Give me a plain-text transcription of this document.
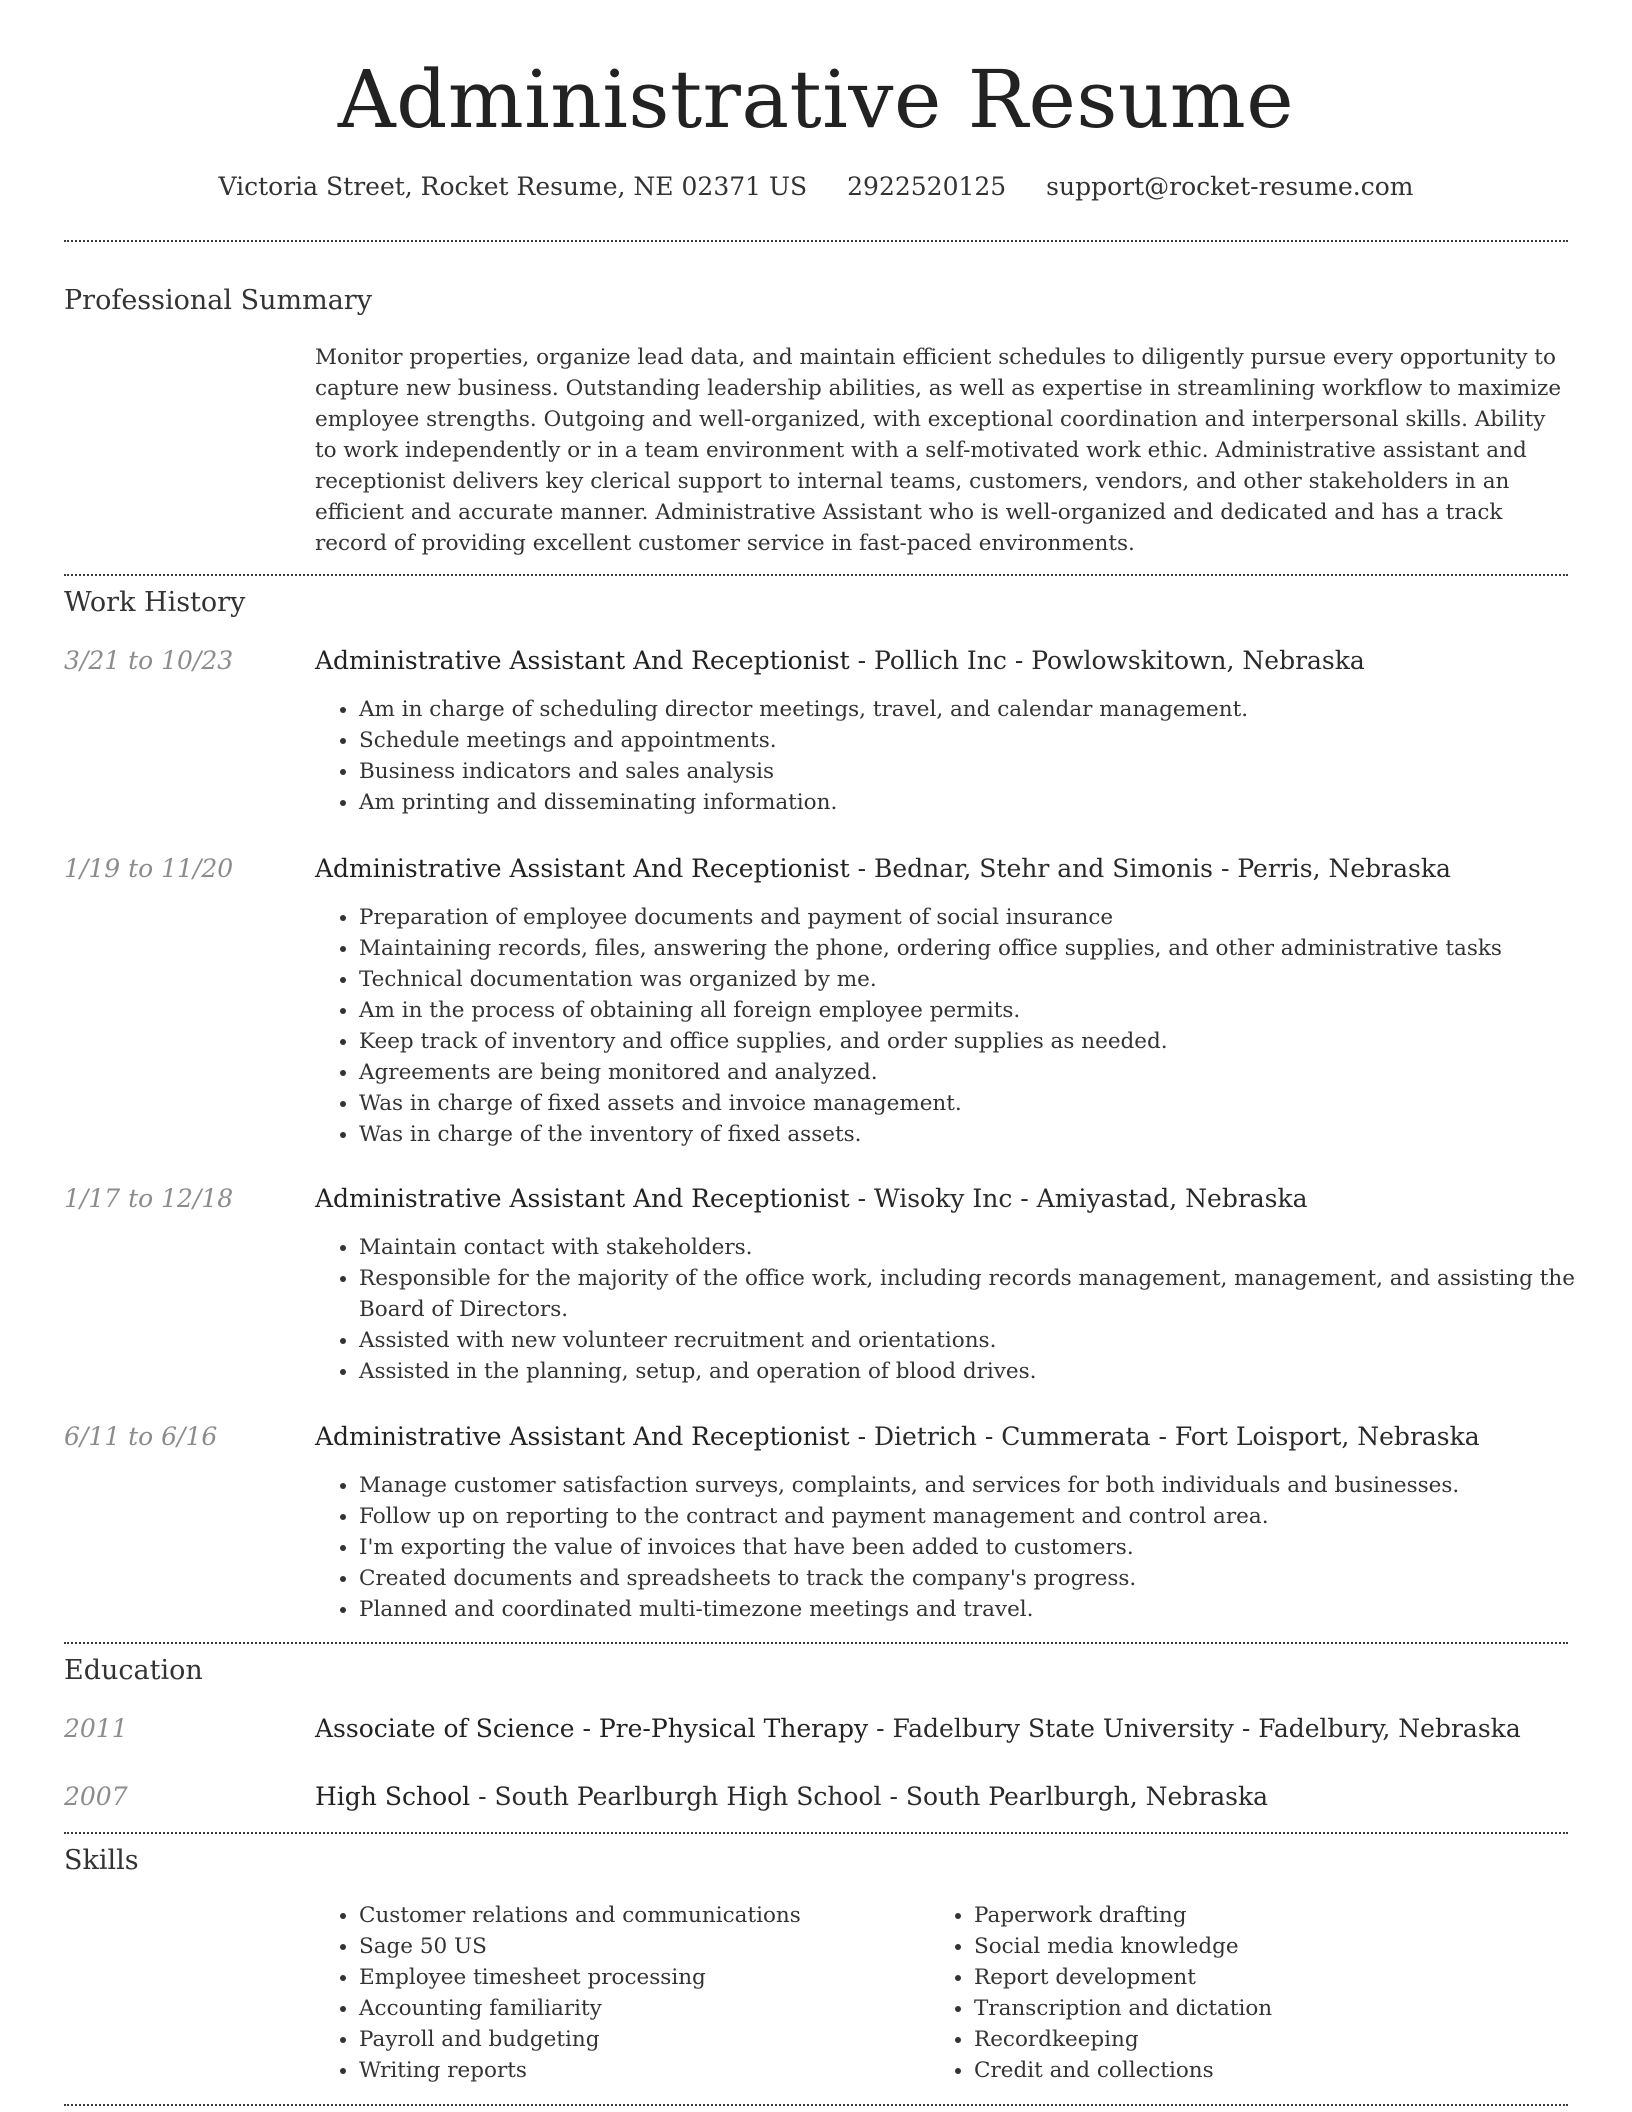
Administrative Resume
Victoria Street, Rocket Resume, NE 02371 US 2922520125 support@rocket-resume.com
Professional Summary
Monitor properties, organize lead data, and maintain efficient schedules to diligently pursue every opportunity to capture new business. Outstanding leadership abilities, as well as expertise in streamlining workflow to maximize employee strengths. Outgoing and well-organized, with exceptional coordination and interpersonal skills. Ability to work independently or in a team environment with a self-motivated work ethic. Administrative assistant and receptionist delivers key clerical support to internal teams, customers, vendors, and other stakeholders in an efficient and accurate manner. Administrative Assistant who is well-organized and dedicated and has a track record of providing excellent customer service in fast-paced environments.
Work History
3/21 to 10/23	Administrative Assistant And Receptionist - Pollich Inc - Powlowskitown, Nebraska
• Am in charge of scheduling director meetings, travel, and calendar management.
• Schedule meetings and appointments.
• Business indicators and sales analysis
• Am printing and disseminating information.
1/19 to 11/20	Administrative Assistant And Receptionist - Bednar, Stehr and Simonis - Perris, Nebraska
• Preparation of employee documents and payment of social insurance
• Maintaining records, files, answering the phone, ordering office supplies, and other administrative tasks
• Technical documentation was organized by me.
• Am in the process of obtaining all foreign employee permits.
• Keep track of inventory and office supplies, and order supplies as needed.
• Agreements are being monitored and analyzed.
• Was in charge of fixed assets and invoice management.
• Was in charge of the inventory of fixed assets.
1/17 to 12/18	Administrative Assistant And Receptionist - Wisoky Inc - Amiyastad, Nebraska
• Maintain contact with stakeholders.
• Responsible for the majority of the office work, including records management, management, and assisting the Board of Directors.
• Assisted with new volunteer recruitment and orientations.
• Assisted in the planning, setup, and operation of blood drives.
6/11 to 6/16	Administrative Assistant And Receptionist - Dietrich - Cummerata - Fort Loisport, Nebraska
• Manage customer satisfaction surveys, complaints, and services for both individuals and businesses.
• Follow up on reporting to the contract and payment management and control area.
• I'm exporting the value of invoices that have been added to customers.
• Created documents and spreadsheets to track the company's progress.
• Planned and coordinated multi-timezone meetings and travel.
Education
2011	Associate of Science - Pre-Physical Therapy - Fadelbury State University - Fadelbury, Nebraska
2007	High School - South Pearlburgh High School - South Pearlburgh, Nebraska
Skills
• Customer relations and communications
• Sage 50 US
• Employee timesheet processing
• Accounting familiarity
• Payroll and budgeting
• Writing reports
• Paperwork drafting
• Social media knowledge
• Report development
• Transcription and dictation
• Recordkeeping
• Credit and collections
